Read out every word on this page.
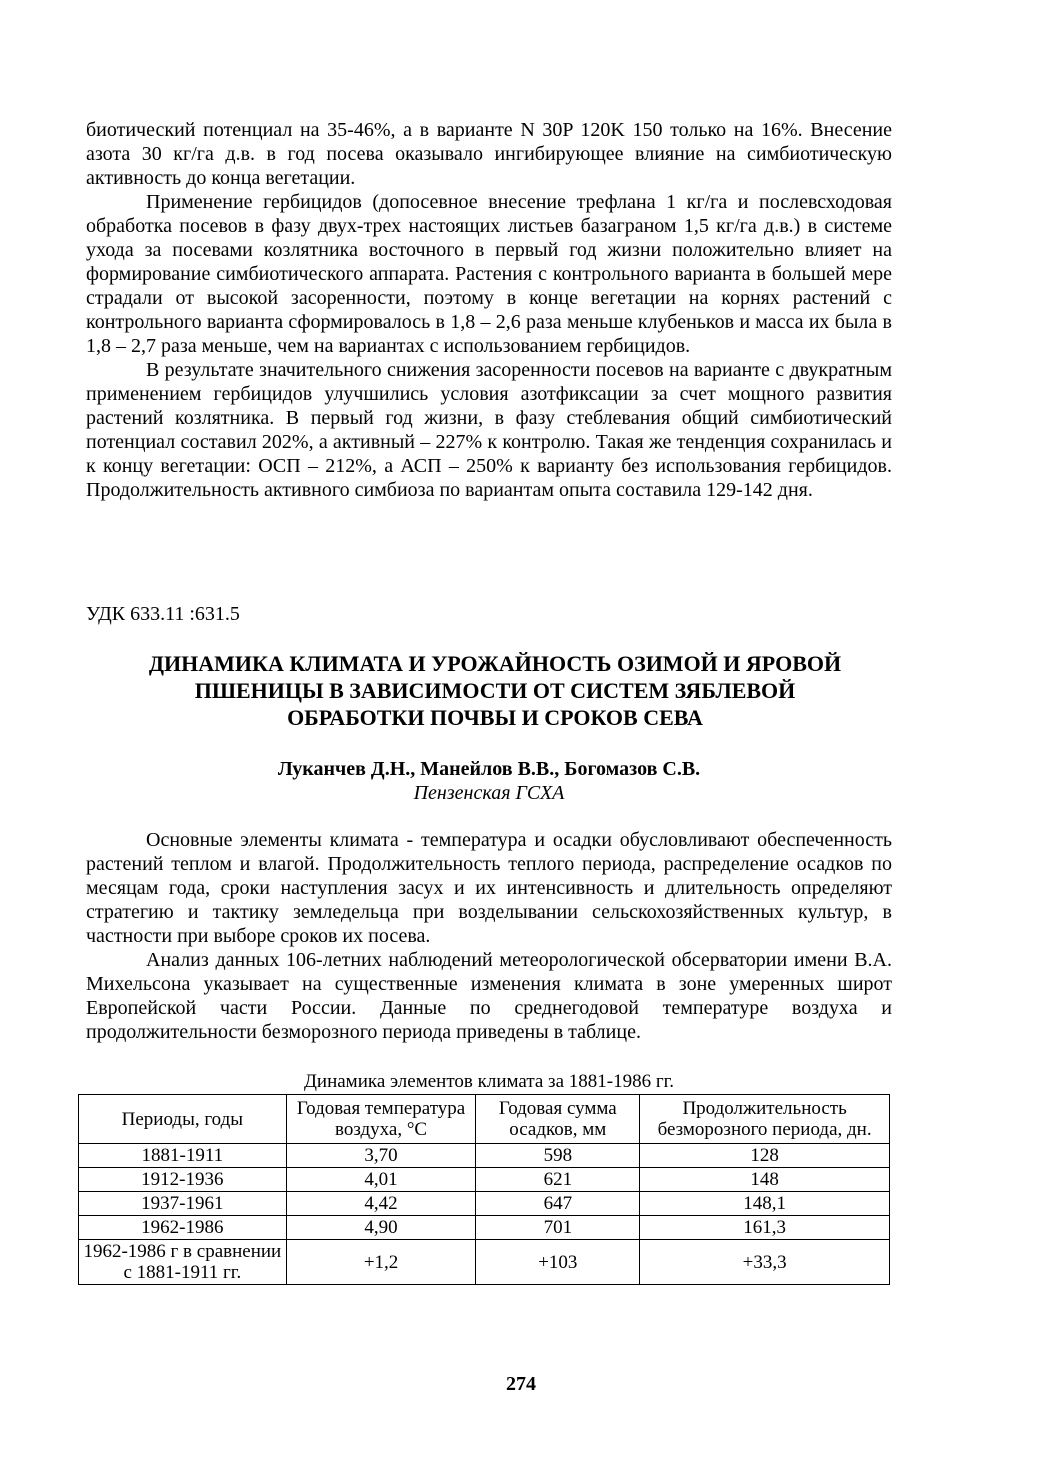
биотический потенциал на 35-46%, а в варианте N 30P 120K 150 только на 16%. Внесение азота 30 кг/га д.в. в год посева оказывало ингибирующее влияние на симбиотическую активность до конца вегетации.

Применение гербицидов (допосевное внесение трефлана 1 кг/га и послевсходовая обработка посевов в фазу двух-трех настоящих листьев базаграном 1,5 кг/га д.в.) в системе ухода за посевами козлятника восточного в первый год жизни положительно влияет на формирование симбиотического аппарата. Растения с контрольного варианта в большей мере страдали от высокой засоренности, поэтому в конце вегетации на корнях растений с контрольного варианта сформировалось в 1,8 – 2,6 раза меньше клубеньков и масса их была в 1,8 – 2,7 раза меньше, чем на вариантах с использованием гербицидов.

В результате значительного снижения засоренности посевов на варианте с двукратным применением гербицидов улучшились условия азотфиксации за счет мощного развития растений козлятника. В первый год жизни, в фазу стеблевания общий симбиотический потенциал составил 202%, а активный – 227% к контролю. Такая же тенденция сохранилась и к концу вегетации: ОСП – 212%, а АСП – 250% к варианту без использования гербицидов. Продолжительность активного симбиоза по вариантам опыта составила 129-142 дня.

УДК 633.11 :631.5
ДИНАМИКА КЛИМАТА И УРОЖАЙНОСТЬ ОЗИМОЙ И ЯРОВОЙ
ПШЕНИЦЫ В ЗАВИСИМОСТИ ОТ СИСТЕМ ЗЯБЛЕВОЙ
ОБРАБОТКИ ПОЧВЫ И СРОКОВ СЕВА
Луканчев Д.Н., Манейлов В.В., Богомазов С.В.
Пензенская ГСХА

Основные элементы климата - температура и осадки обусловливают обеспеченность растений теплом и влагой. Продолжительность теплого периода, распределение осадков по месяцам года, сроки наступления засух и их интенсивность и длительность определяют стратегию и тактику земледельца при возделывании сельскохозяйственных культур, в частности при выборе сроков их посева.

Анализ данных 106-летних наблюдений метеорологической обсерватории имени В.А. Михельсона указывает на существенные изменения климата в зоне умеренных широт Европейской части России. Данные по среднегодовой температуре воздуха и продолжительности безморозного периода приведены в таблице.

Динамика элементов климата за 1881-1986 гг.
Периоды, годы	Годовая температура воздуха, °С	Годовая сумма осадков, мм	Продолжительность безморозного периода, дн.
1881-1911	3,70	598	128
1912-1936	4,01	621	148
1937-1961	4,42	647	148,1
1962-1986	4,90	701	161,3
1962-1986 г в сравнении с 1881-1911 гг.	+1,2	+103	+33,3
274
